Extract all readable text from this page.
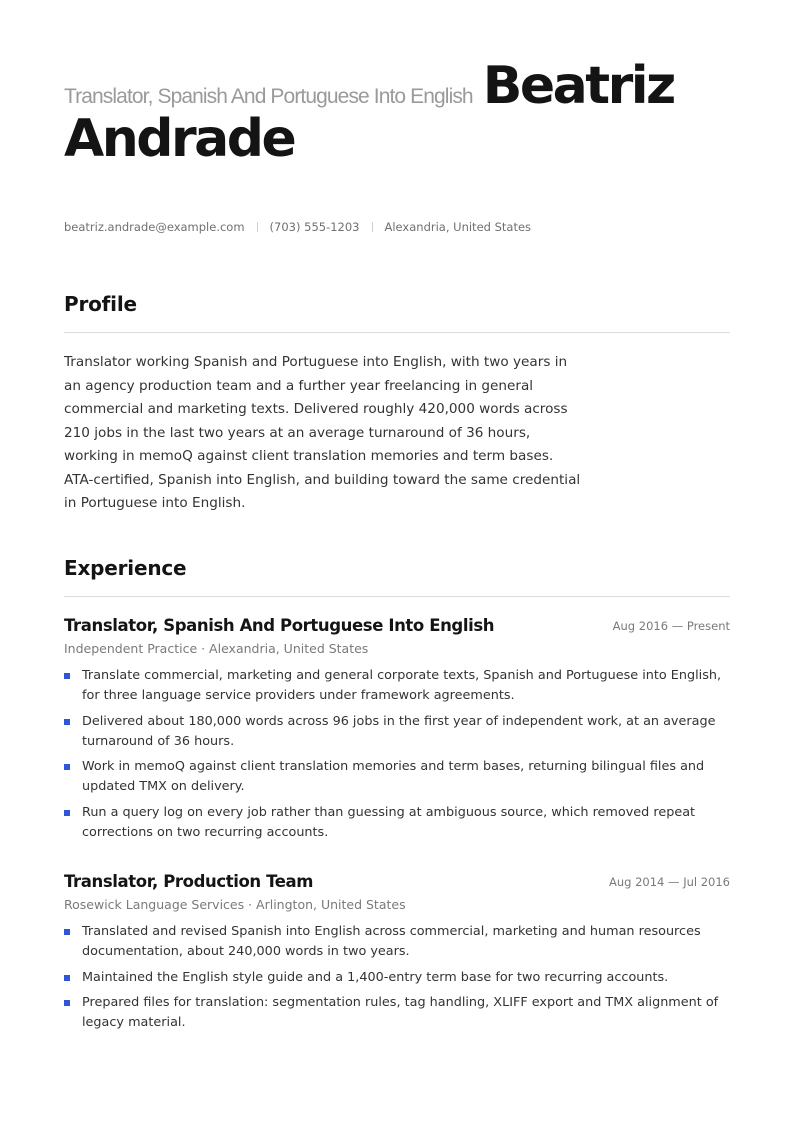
Translator, Spanish And Portuguese Into English Beatriz
Andrade
beatriz.andrade@example.com (703) 555-1203 Alexandria, United States
Profile

Translator working Spanish and Portuguese into English, with two years in an agency production team and a further year freelancing in general commercial and marketing texts. Delivered roughly 420,000 words across 210 jobs in the last two years at an average turnaround of 36 hours, working in memoQ against client translation memories and term bases. ATA-certified, Spanish into English, and building toward the same credential in Portuguese into English.

Experience
Translator, Spanish And Portuguese Into English	Aug 2016 — Present
Independent Practice · Alexandria, United States
Translate commercial, marketing and general corporate texts, Spanish and Portuguese into English, for three language service providers under framework agreements.
Delivered about 180,000 words across 96 jobs in the first year of independent work, at an average turnaround of 36 hours.
Work in memoQ against client translation memories and term bases, returning bilingual files and updated TMX on delivery.
Run a query log on every job rather than guessing at ambiguous source, which removed repeat corrections on two recurring accounts.
Translator, Production Team	Aug 2014 — Jul 2016
Rosewick Language Services · Arlington, United States
Translated and revised Spanish into English across commercial, marketing and human resources documentation, about 240,000 words in two years.
Maintained the English style guide and a 1,400-entry term base for two recurring accounts.
Prepared files for translation: segmentation rules, tag handling, XLIFF export and TMX alignment of legacy material.
